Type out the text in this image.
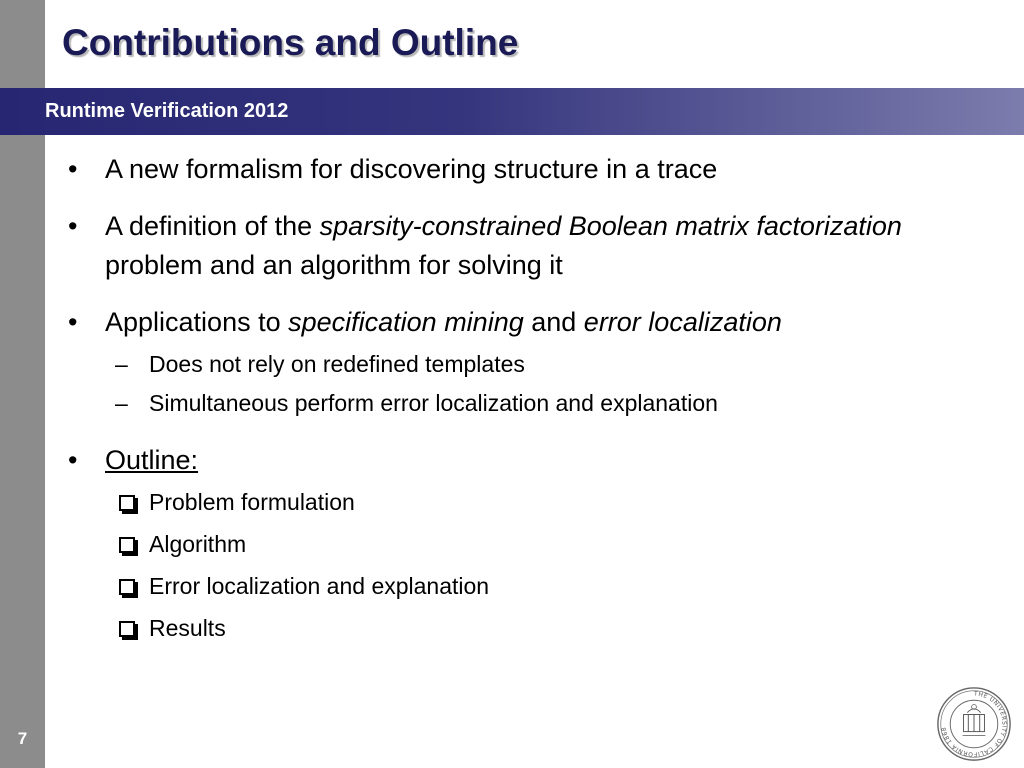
7
Contributions and Outline
Runtime Verification 2012
• A new formalism for discovering structure in a trace
• A definition of the sparsity-constrained Boolean matrix factorization problem and an algorithm for solving it
• Applications to specification mining and error localization
– Does not rely on redefined templates
– Simultaneous perform error localization and explanation
• Outline:
Problem formulation
Algorithm
Error localization and explanation
Results
THE UNIVERSITY OF CALIFORNIA 1868
